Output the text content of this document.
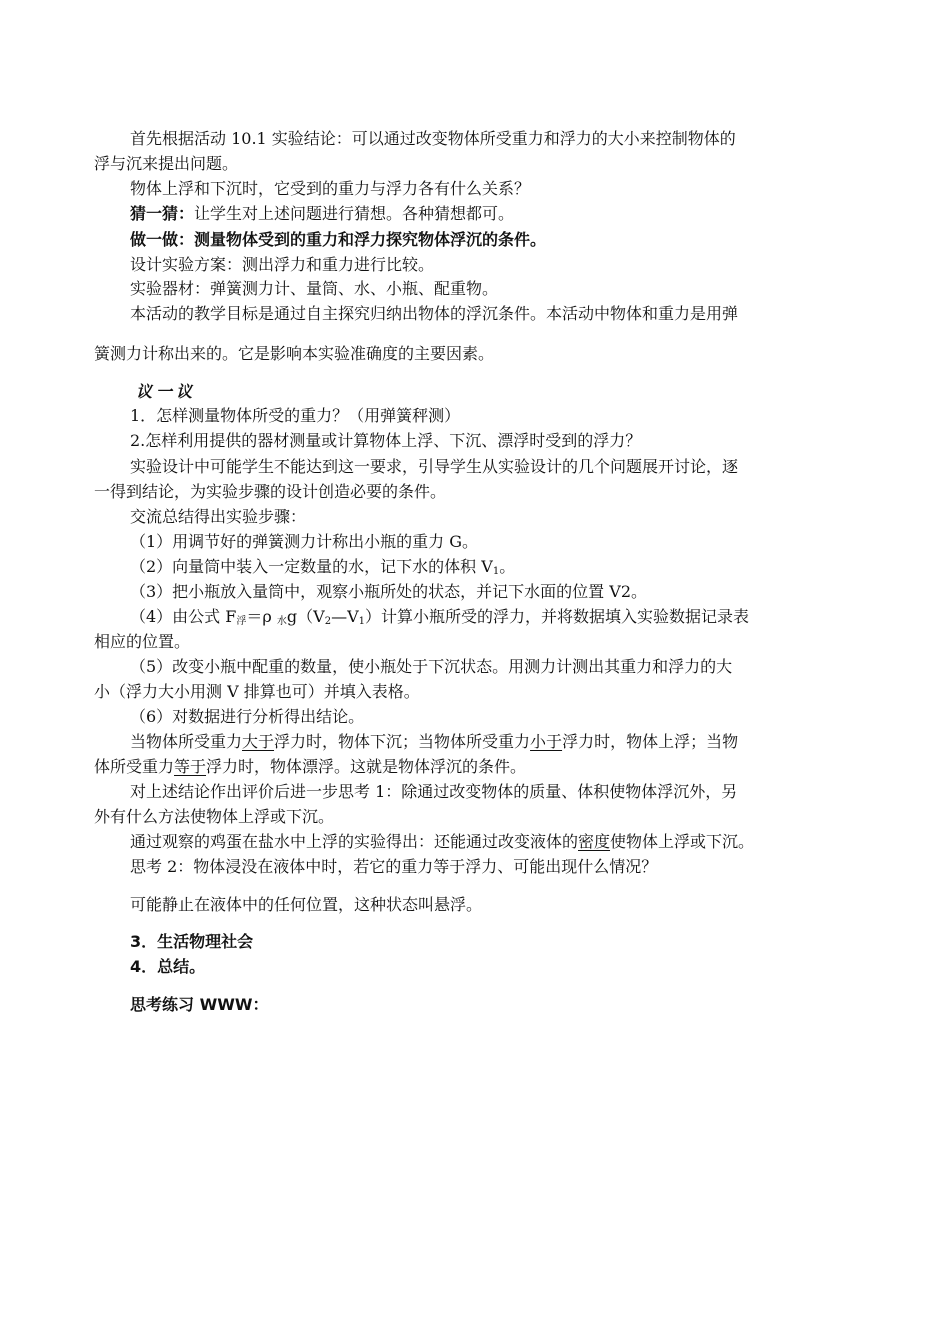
首先根据活动 10.1 实验结论：可以通过改变物体所受重力和浮力的大小来控制物体的
浮与沉来提出问题。
物体上浮和下沉时，它受到的重力与浮力各有什么关系？
猜一猜：让学生对上述问题进行猜想。各种猜想都可。
做一做：测量物体受到的重力和浮力探究物体浮沉的条件。
设计实验方案：测出浮力和重力进行比较。
实验器材：弹簧测力计、量筒、水、小瓶、配重物。
本活动的教学目标是通过自主探究归纳出物体的浮沉条件。本活动中物体和重力是用弹
簧测力计称出来的。它是影响本实验准确度的主要因素。
议一议
1．怎样测量物体所受的重力？（用弹簧秤测）
2.怎样利用提供的器材测量或计算物体上浮、下沉、漂浮时受到的浮力？
实验设计中可能学生不能达到这一要求，引导学生从实验设计的几个问题展开讨论，逐
一得到结论，为实验步骤的设计创造必要的条件。
交流总结得出实验步骤：
（1）用调节好的弹簧测力计称出小瓶的重力 G。
（2）向量筒中装入一定数量的水，记下水的体积 $V_1$。
（3）把小瓶放入量筒中，观察小瓶所处的状态，并记下水面的位置 V2。
（4）由公式 $F_浮=\rho$ $_水g(V_2—V_1)$计算小瓶所受的浮力，并将数据填入实验数据记录表
相应的位置。
（5）改变小瓶中配重的数量，使小瓶处于下沉状态。用测力计测出其重力和浮力的大
小（浮力大小用测 V 排算也可）并填入表格。
（6）对数据进行分析得出结论。
当物体所受重力大于浮力时，物体下沉；当物体所受重力小于浮力时，物体上浮；当物
体所受重力等于浮力时，物体漂浮。这就是物体浮沉的条件。
对上述结论作出评价后进一步思考 1：除通过改变物体的质量、体积使物体浮沉外，另
外有什么方法使物体上浮或下沉。
通过观察的鸡蛋在盐水中上浮的实验得出：还能通过改变液体的密度使物体上浮或下沉。
思考 2：物体浸没在液体中时，若它的重力等于浮力、可能出现什么情况？
可能静止在液体中的任何位置，这种状态叫悬浮。
3．生活物理社会
4．总结。
思考练习 WWW：
